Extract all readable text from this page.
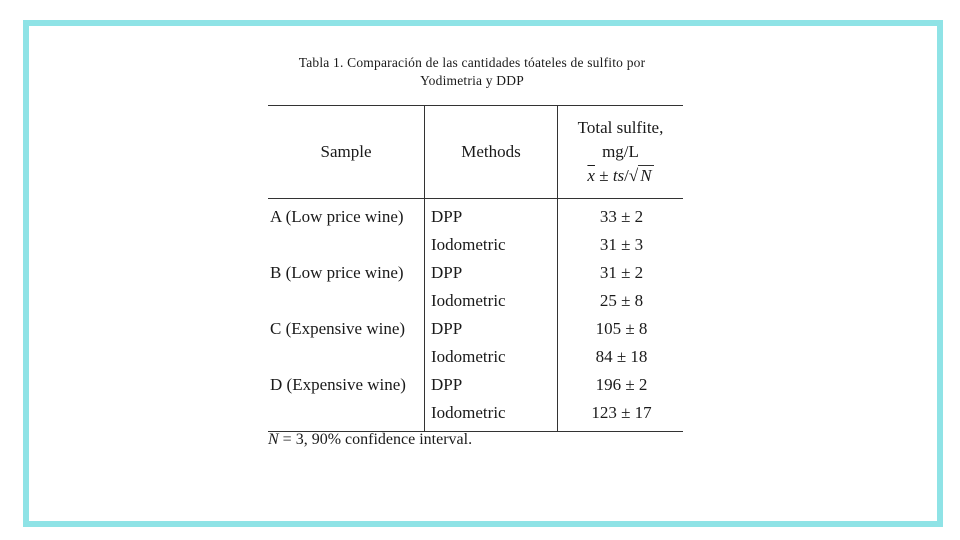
Tabla 1. Comparación de las cantidades tóateles de sulfito por
Yodimetria y DDP
Sample	Methods	Total sulfite,
mg/L
$\overline{x} \pm ts/√$ N
A (Low price wine)	DPP	33 ± 2
	Iodometric	31 ± 3
B (Low price wine)	DPP	31 ± 2
	Iodometric	25 ± 8
C (Expensive wine)	DPP	105 ± 8
	Iodometric	84 ± 18
D (Expensive wine)	DPP	196 ± 2
	Iodometric	123 ± 17
N = 3, 90% confidence interval.
